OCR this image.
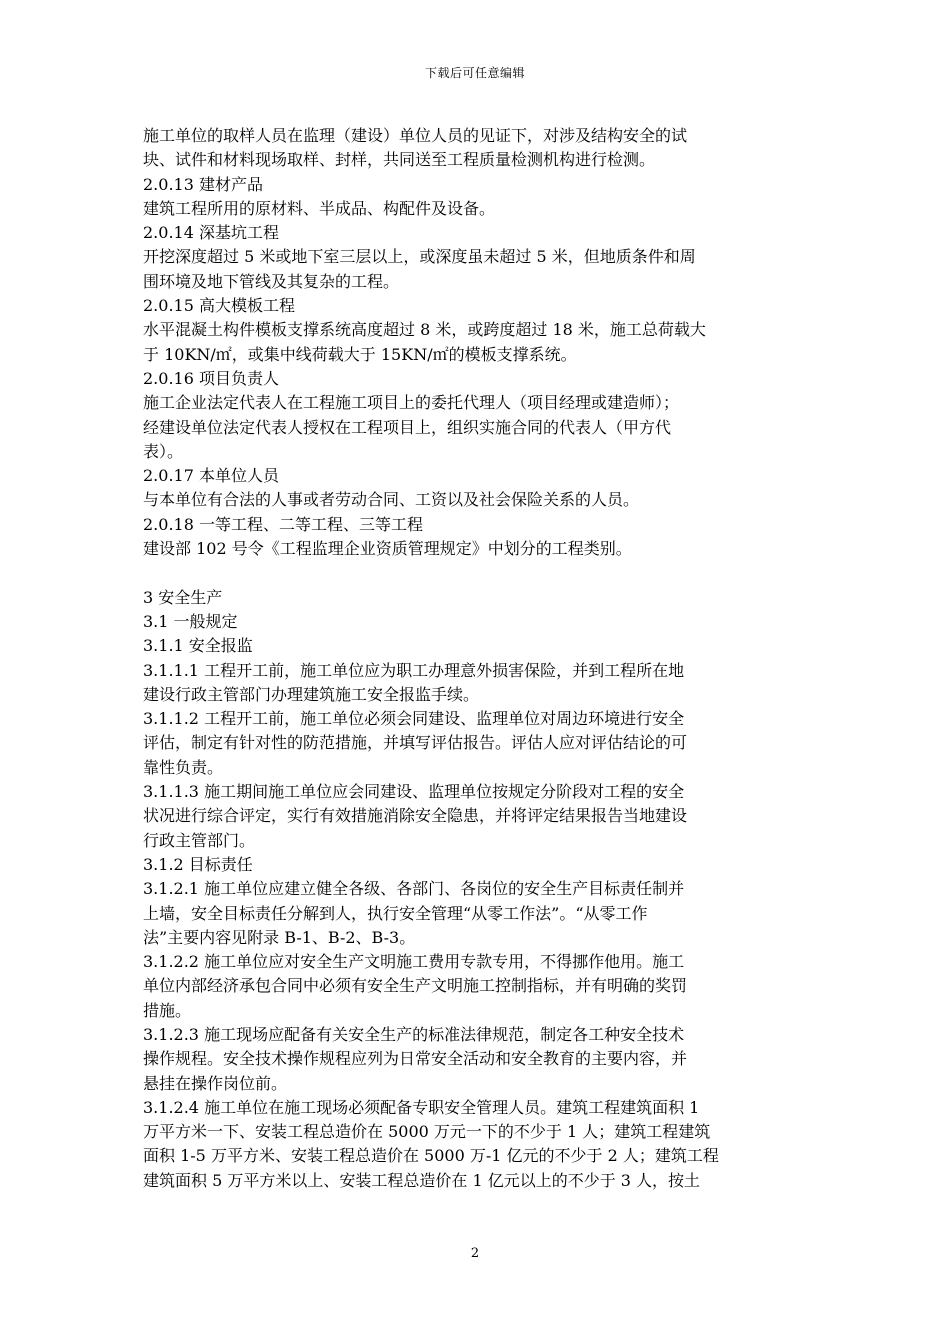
下载后可任意编辑
施工单位的取样人员在监理（建设）单位人员的见证下，对涉及结构安全的试
块、试件和材料现场取样、封样，共同送至工程质量检测机构进行检测。
2.0.13 建材产品
建筑工程所用的原材料、半成品、构配件及设备。
2.0.14 深基坑工程
开挖深度超过 5 米或地下室三层以上，或深度虽未超过 5 米，但地质条件和周
围环境及地下管线及其复杂的工程。
2.0.15 高大模板工程
水平混凝土构件模板支撑系统高度超过 8 米，或跨度超过 18 米，施工总荷载大
于 10KN/㎡，或集中线荷载大于 15KN/㎡的模板支撑系统。
2.0.16 项目负责人
施工企业法定代表人在工程施工项目上的委托代理人（项目经理或建造师）；
经建设单位法定代表人授权在工程项目上，组织实施合同的代表人（甲方代
表）。
2.0.17 本单位人员
与本单位有合法的人事或者劳动合同、工资以及社会保险关系的人员。
2.0.18 一等工程、二等工程、三等工程
建设部 102 号令《工程监理企业资质管理规定》中划分的工程类别。
3 安全生产
3.1 一般规定
3.1.1 安全报监
3.1.1.1 工程开工前，施工单位应为职工办理意外损害保险，并到工程所在地
建设行政主管部门办理建筑施工安全报监手续。
3.1.1.2 工程开工前，施工单位必须会同建设、监理单位对周边环境进行安全
评估，制定有针对性的防范措施，并填写评估报告。评估人应对评估结论的可
靠性负责。
3.1.1.3 施工期间施工单位应会同建设、监理单位按规定分阶段对工程的安全
状况进行综合评定，实行有效措施消除安全隐患，并将评定结果报告当地建设
行政主管部门。
3.1.2 目标责任
3.1.2.1 施工单位应建立健全各级、各部门、各岗位的安全生产目标责任制并
上墙，安全目标责任分解到人，执行安全管理“从零工作法”。“从零工作
法”主要内容见附录 B-1、B-2、B-3。
3.1.2.2 施工单位应对安全生产文明施工费用专款专用，不得挪作他用。施工
单位内部经济承包合同中必须有安全生产文明施工控制指标，并有明确的奖罚
措施。
3.1.2.3 施工现场应配备有关安全生产的标准法律规范，制定各工种安全技术
操作规程。安全技术操作规程应列为日常安全活动和安全教育的主要内容，并
悬挂在操作岗位前。
3.1.2.4 施工单位在施工现场必须配备专职安全管理人员。建筑工程建筑面积 1
万平方米一下、安装工程总造价在 5000 万元一下的不少于 1 人；建筑工程建筑
面积 1-5 万平方米、安装工程总造价在 5000 万-1 亿元的不少于 2 人；建筑工程
建筑面积 5 万平方米以上、安装工程总造价在 1 亿元以上的不少于 3 人，按土
2
